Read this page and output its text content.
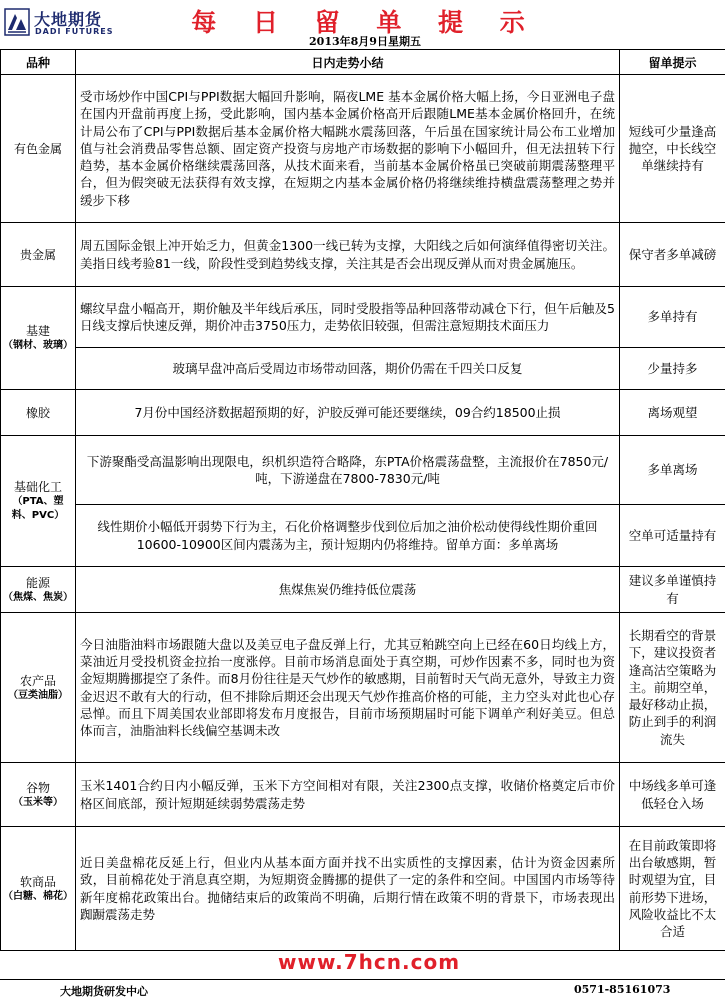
大地期货
DADI FUTURES	每 日 留 单 提 示
2013年8月9日星期五
品种	日内走势小结	留单提示
有色金属	受市场炒作中国CPI与PPI数据大幅回升影响，隔夜LME 基本金属价格大幅上扬，今日亚洲电子盘在国内开盘前再度上扬，受此影响，国内基本金属价格高开后跟随LME基本金属价格回升，在统计局公布了CPI与PPI数据后基本金属价格大幅跳水震荡回落，午后虽在国家统计局公布工业增加值与社会消费品零售总额、固定资产投资与房地产市场数据的影响下小幅回升，但无法扭转下行趋势，基本金属价格继续震荡回落，从技术面来看，当前基本金属价格虽已突破前期震荡整理平台，但为假突破无法获得有效支撑，在短期之内基本金属价格仍将继续维持横盘震荡整理之势并缓步下移	短线可少量逢高抛空，中长线空单继续持有
贵金属	周五国际金银上冲开始乏力，但黄金1300一线已转为支撑，大阳线之后如何演绎值得密切关注。美指日线考验81一线，阶段性受到趋势线支撑，关注其是否会出现反弹从而对贵金属施压。	保守者多单减磅
基建
（钢材、玻璃）	螺纹早盘小幅高开，期价触及半年线后承压，同时受股指等品种回落带动减仓下行，但午后触及5日线支撑后快速反弹，期价冲击3750压力，走势依旧较强，但需注意短期技术面压力	多单持有
	玻璃早盘冲高后受周边市场带动回落，期价仍需在千四关口反复	少量持多
橡胶	7月份中国经济数据超预期的好，沪胶反弹可能还要继续，09合约18500止损	离场观望
基础化工
（PTA、塑料、PVC）	下游聚酯受高温影响出现限电，织机织造符合略降，东PTA价格震荡盘整，主流报价在7850元/吨，下游递盘在7800-7830元/吨	多单离场
	线性期价小幅低开弱势下行为主，石化价格调整步伐到位后加之油价松动使得线性期价重回10600-10900区间内震荡为主，预计短期内仍将维持。留单方面：多单离场	空单可适量持有
能源
（焦煤、焦炭）	焦煤焦炭仍维持低位震荡	建议多单谨慎持有
农产品
（豆类油脂）	今日油脂油料市场跟随大盘以及美豆电子盘反弹上行，尤其豆粕跳空向上已经在60日均线上方，菜油近月受投机资金拉抬一度涨停。目前市场消息面处于真空期，可炒作因素不多，同时也为资金短期腾挪提空了条件。而8月份往往是天气炒作的敏感期，目前暂时天气尚无意外，导致主力资金迟迟不敢有大的行动，但不排除后期还会出现天气炒作推高价格的可能，主力空头对此也心存忌惮。而且下周美国农业部即将发布月度报告，目前市场预期届时可能下调单产利好美豆。但总体而言，油脂油料长线偏空基调未改	长期看空的背景下，建议投资者逢高沽空策略为主。前期空单，最好移动止损，防止到手的利润流失
谷物
（玉米等）	玉米1401合约日内小幅反弹，玉米下方空间相对有限，关注2300点支撑，收储价格奠定后市价格区间底部，预计短期延续弱势震荡走势	中场线多单可逢低轻仓入场
软商品
（白糖、棉花）	近日美盘棉花反延上行，但业内从基本面方面并找不出实质性的支撑因素，估计为资金因素所致，目前棉花处于消息真空期，为短期资金腾挪的提供了一定的条件和空间。中国国内市场等待新年度棉花政策出台。抛储结束后的政策尚不明确，后期行情在政策不明的背景下，市场表现出踟蹰震荡走势	在目前政策即将出台敏感期，暂时观望为宜，目前形势下进场，风险收益比不太合适
www.7hcn.com
大地期货研发中心	0571-85161073
